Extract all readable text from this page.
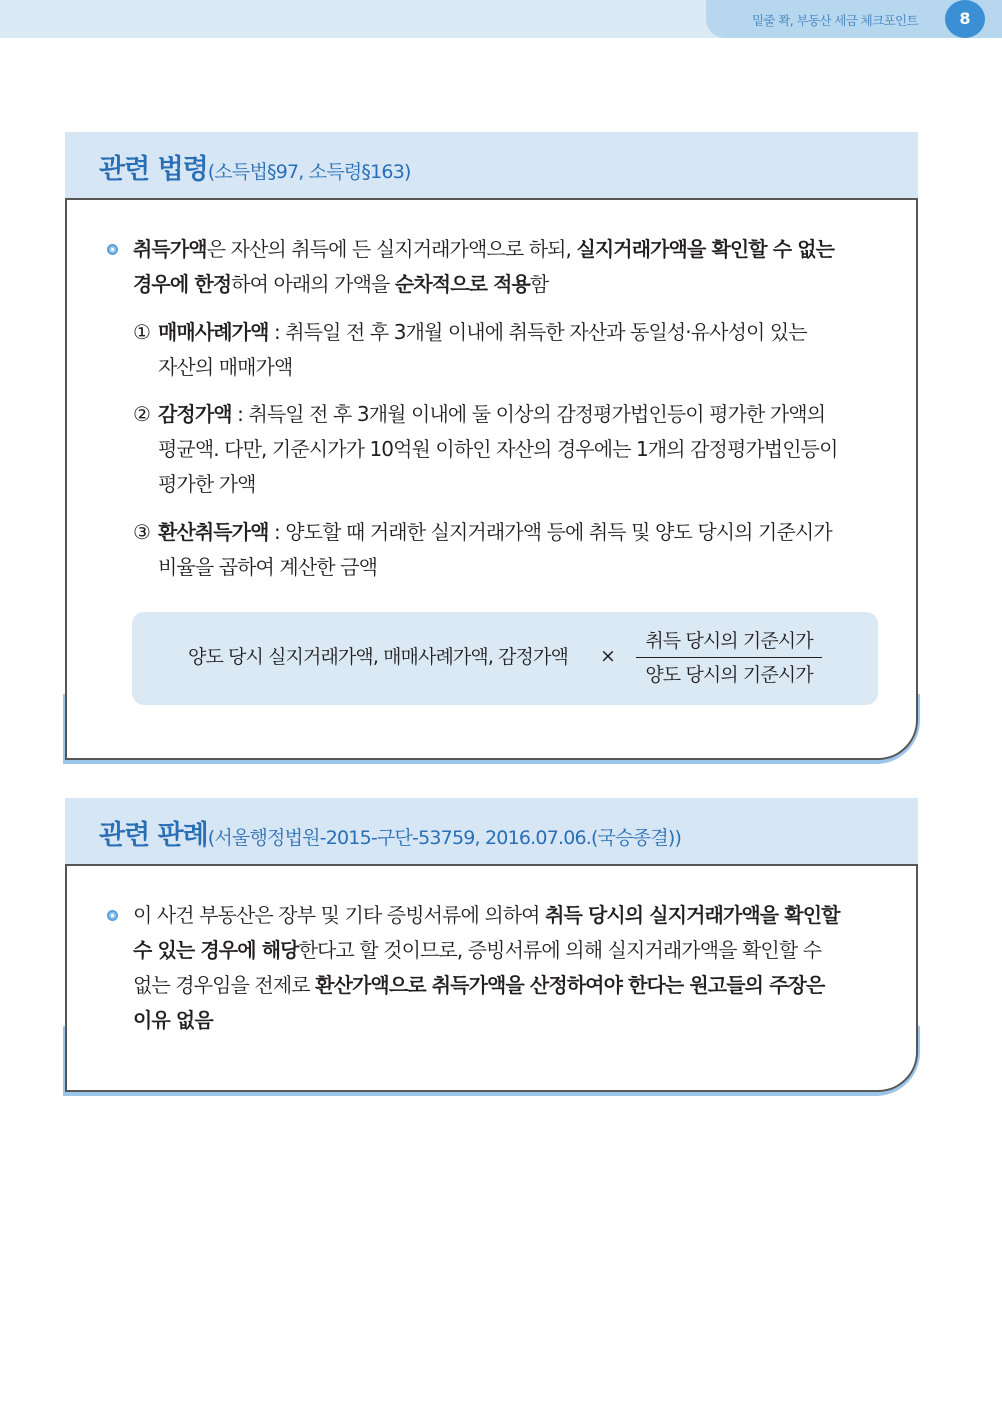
밑줄 쫙, 부동산 세금 체크포인트	8
관련 법령(소득법§97, 소득령§163)
취득가액은 자산의 취득에 든 실지거래가액으로 하되, 실지거래가액을 확인할 수 없는
경우에 한정하여 아래의 가액을 순차적으로 적용함
① 매매사례가액 : 취득일 전 후 3개월 이내에 취득한 자산과 동일성·유사성이 있는
자산의 매매가액
② 감정가액 : 취득일 전 후 3개월 이내에 둘 이상의 감정평가법인등이 평가한 가액의
평균액. 다만, 기준시가가 10억원 이하인 자산의 경우에는 1개의 감정평가법인등이
평가한 가액
③ 환산취득가액 : 양도할 때 거래한 실지거래가액 등에 취득 및 양도 당시의 기준시가
비율을 곱하여 계산한 금액
양도 당시 실지거래가액, 매매사례가액, 감정가액 ×
취득 당시의 기준시가
양도 당시의 기준시가
관련 판례(서울행정법원-2015-구단-53759, 2016.07.06.(국승종결))
이 사건 부동산은 장부 및 기타 증빙서류에 의하여 취득 당시의 실지거래가액을 확인할
수 있는 경우에 해당한다고 할 것이므로, 증빙서류에 의해 실지거래가액을 확인할 수
없는 경우임을 전제로 환산가액으로 취득가액을 산정하여야 한다는 원고들의 주장은
이유 없음
